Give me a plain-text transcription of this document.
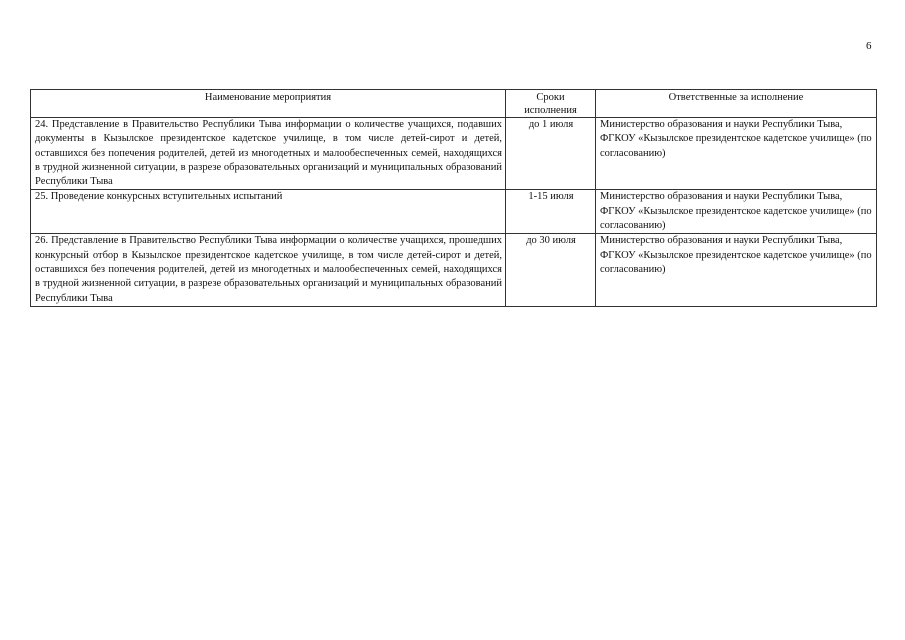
6
Наименование мероприятия	Сроки исполнения	Ответственные за исполнение
24. Представление в Правительство Республики Тыва информации о количестве учащихся, подавших документы в Кызылское президентское кадетское училище, в том числе детей-сирот и детей, оставшихся без попечения родителей, детей из многодетных и малообеспеченных семей, находящихся в трудной жизненной ситуации, в разрезе образовательных организаций и муниципальных образований Республики Тыва	до 1 июля	Министерство образования и науки Республики Тыва, ФГКОУ «Кызылское президентское кадетское училище» (по согласованию)
25. Проведение конкурсных вступительных испытаний	1-15 июля	Министерство образования и науки Республики Тыва, ФГКОУ «Кызылское президентское кадетское училище» (по согласованию)
26. Представление в Правительство Республики Тыва информации о количестве учащихся, прошедших конкурсный отбор в Кызылское президентское кадетское училище, в том числе детей-сирот и детей, оставшихся без попечения родителей, детей из многодетных и малообеспеченных семей, находящихся в трудной жизненной ситуации, в разрезе образовательных организаций и муниципальных образований Республики Тыва	до 30 июля	Министерство образования и науки Республики Тыва, ФГКОУ «Кызылское президентское кадетское училище» (по согласованию)
